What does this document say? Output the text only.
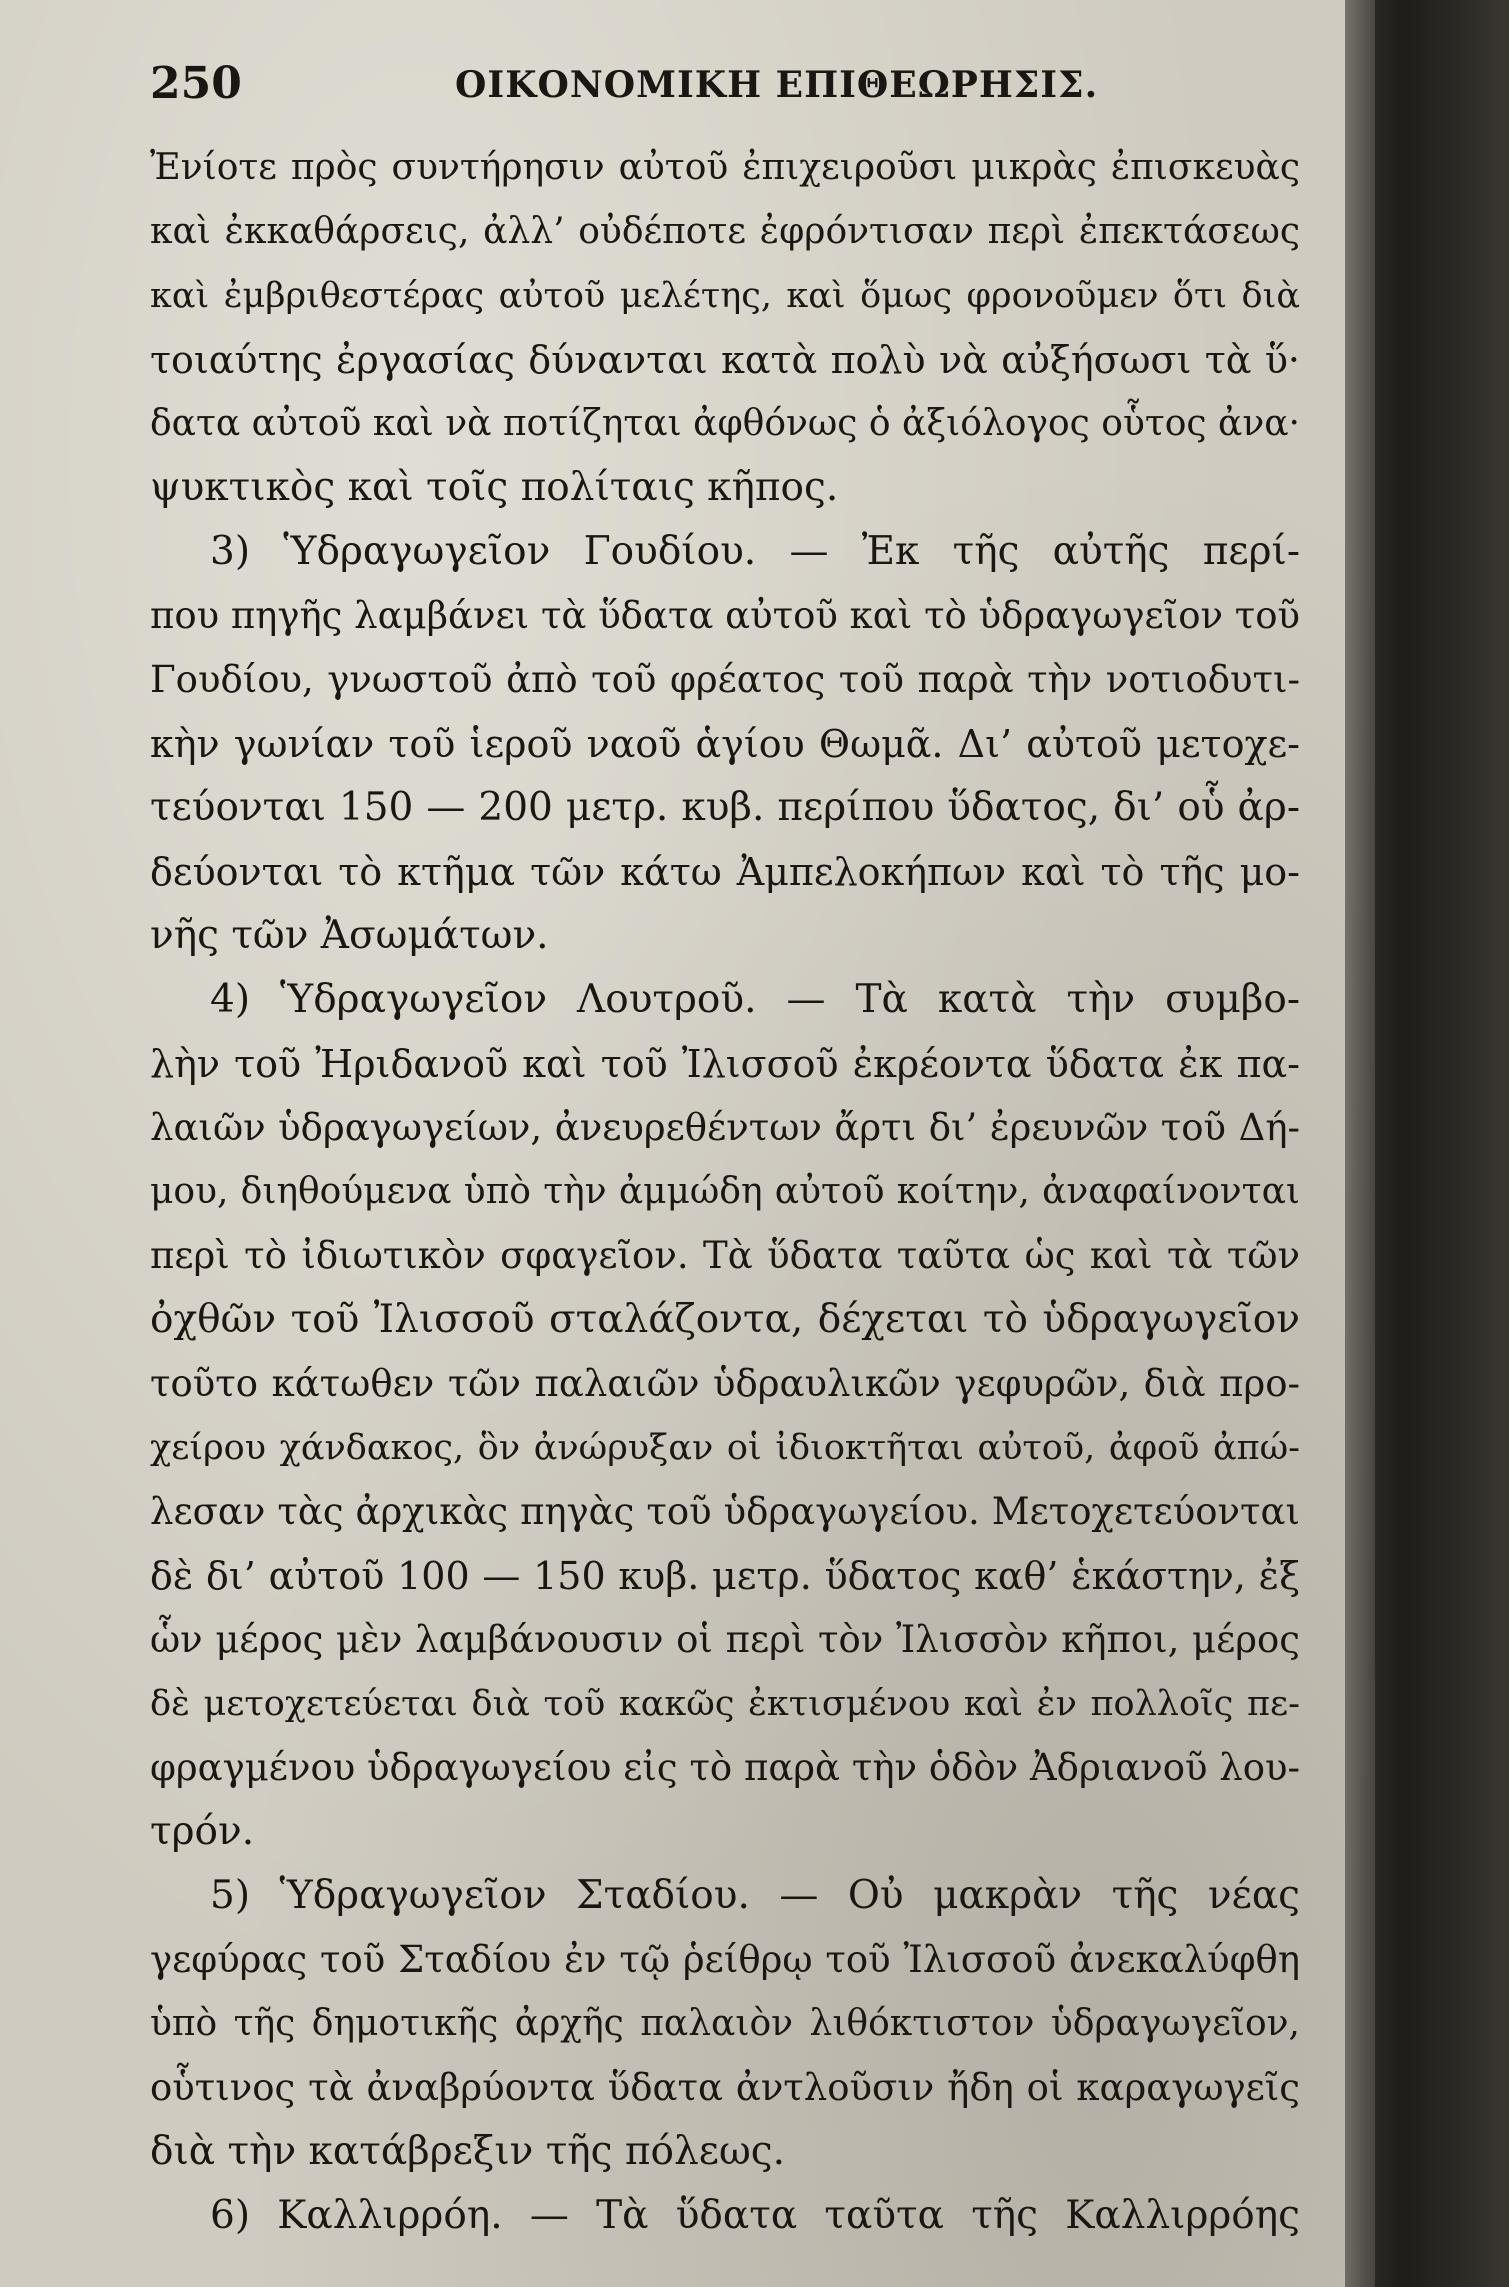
250	ΟΙΚΟΝΟΜΙΚΗ ΕΠΙΘΕΩΡΗΣΙΣ.
Ἐνίοτε πρὸς συντήρησιν αὐτοῦ ἐπιχειροῦσι μικρὰς ἐπισκευὰς
καὶ ἐκκαθάρσεις, ἀλλ’ οὐδέποτε ἐφρόντισαν περὶ ἐπεκτάσεως
καὶ ἐμβριθεστέρας αὐτοῦ μελέτης, καὶ ὅμως φρονοῦμεν ὅτι διὰ
τοιαύτης ἐργασίας δύνανται κατὰ πολὺ νὰ αὐξήσωσι τὰ ὕ·
δατα αὐτοῦ καὶ νὰ ποτίζηται ἀφθόνως ὁ ἀξιόλογος οὗτος ἀνα·
ψυκτικὸς καὶ τοῖς πολίταις κῆπος.
3) Ὑδραγωγεῖον Γουδίου. — Ἐκ τῆς αὐτῆς περί-
που πηγῆς λαμβάνει τὰ ὕδατα αὐτοῦ καὶ τὸ ὑδραγωγεῖον τοῦ
Γουδίου, γνωστοῦ ἀπὸ τοῦ φρέατος τοῦ παρὰ τὴν νοτιοδυτι-
κὴν γωνίαν τοῦ ἱεροῦ ναοῦ ἁγίου Θωμᾶ. Δι’ αὐτοῦ μετοχε-
τεύονται 150 — 200 μετρ. κυβ. περίπου ὕδατος, δι’ οὗ ἀρ-
δεύονται τὸ κτῆμα τῶν κάτω Ἀμπελοκήπων καὶ τὸ τῆς μο-
νῆς τῶν Ἀσωμάτων.
4) Ὑδραγωγεῖον Λουτροῦ. — Τὰ κατὰ τὴν συμβο-
λὴν τοῦ Ἠριδανοῦ καὶ τοῦ Ἰλισσοῦ ἐκρέοντα ὕδατα ἐκ πα-
λαιῶν ὑδραγωγείων, ἀνευρεθέντων ἄρτι δι’ ἐρευνῶν τοῦ Δή-
μου, διηθούμενα ὑπὸ τὴν ἀμμώδη αὐτοῦ κοίτην, ἀναφαίνονται
περὶ τὸ ἰδιωτικὸν σφαγεῖον. Τὰ ὕδατα ταῦτα ὡς καὶ τὰ τῶν
ὀχθῶν τοῦ Ἰλισσοῦ σταλάζοντα, δέχεται τὸ ὑδραγωγεῖον
τοῦτο κάτωθεν τῶν παλαιῶν ὑδραυλικῶν γεφυρῶν, διὰ προ-
χείρου χάνδακος, ὃν ἀνώρυξαν οἱ ἰδιοκτῆται αὐτοῦ, ἀφοῦ ἀπώ-
λεσαν τὰς ἀρχικὰς πηγὰς τοῦ ὑδραγωγείου. Μετοχετεύονται
δὲ δι’ αὐτοῦ 100 — 150 κυβ. μετρ. ὕδατος καθ’ ἑκάστην, ἐξ
ὧν μέρος μὲν λαμβάνουσιν οἱ περὶ τὸν Ἰλισσὸν κῆποι, μέρος
δὲ μετοχετεύεται διὰ τοῦ κακῶς ἐκτισμένου καὶ ἐν πολλοῖς πε-
φραγμένου ὑδραγωγείου εἰς τὸ παρὰ τὴν ὁδὸν Ἀδριανοῦ λου-
τρόν.
5) Ὑδραγωγεῖον Σταδίου. — Οὐ μακρὰν τῆς νέας
γεφύρας τοῦ Σταδίου ἐν τῷ ῥείθρῳ τοῦ Ἰλισσοῦ ἀνεκαλύφθη
ὑπὸ τῆς δημοτικῆς ἀρχῆς παλαιὸν λιθόκτιστον ὑδραγωγεῖον,
οὗτινος τὰ ἀναβρύοντα ὕδατα ἀντλοῦσιν ἤδη οἱ καραγωγεῖς
διὰ τὴν κατάβρεξιν τῆς πόλεως.
6) Καλλιρρόη. — Τὰ ὕδατα ταῦτα τῆς Καλλιρρόης
